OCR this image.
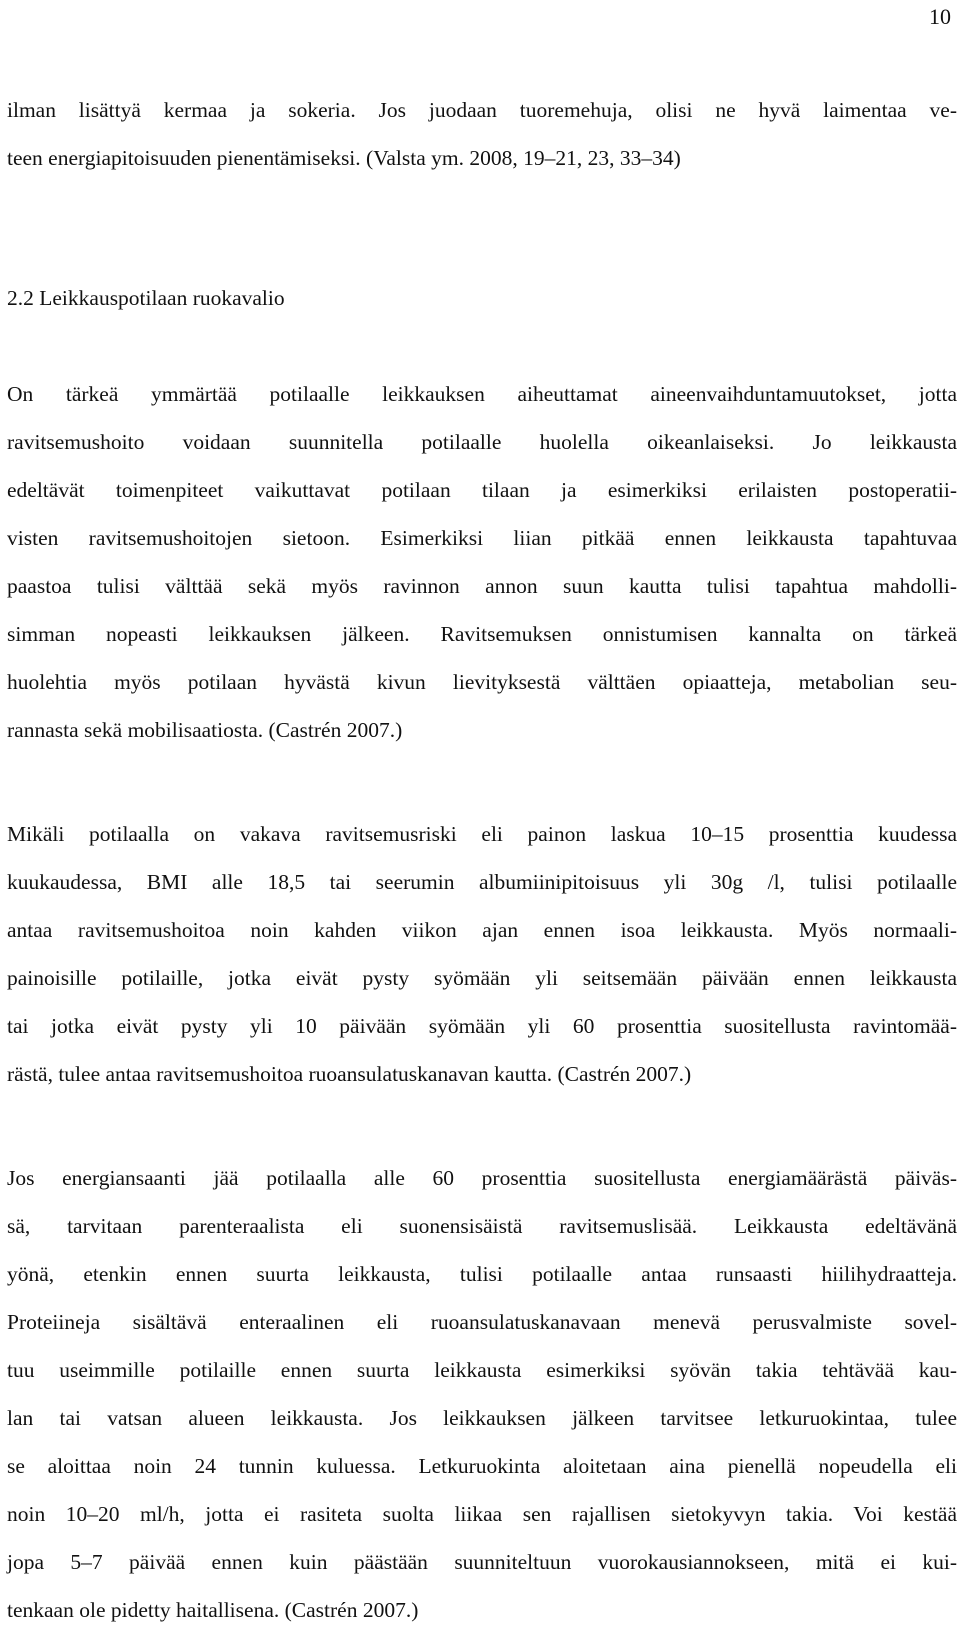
10

ilman lisättyä kermaa ja sokeria. Jos juodaan tuoremehuja, olisi ne hyvä laimentaa ve-
teen energiapitoisuuden pienentämiseksi. (Valsta ym. 2008, 19–21, 23, 33–34)

2.2 Leikkauspotilaan ruokavalio

On tärkeä ymmärtää potilaalle leikkauksen aiheuttamat aineenvaihduntamuutokset, jotta
ravitsemushoito voidaan suunnitella potilaalle huolella oikeanlaiseksi. Jo leikkausta
edeltävät toimenpiteet vaikuttavat potilaan tilaan ja esimerkiksi erilaisten postoperatii-
visten ravitsemushoitojen sietoon. Esimerkiksi liian pitkää ennen leikkausta tapahtuvaa
paastoa tulisi välttää sekä myös ravinnon annon suun kautta tulisi tapahtua mahdolli-
simman nopeasti leikkauksen jälkeen. Ravitsemuksen onnistumisen kannalta on tärkeä
huolehtia myös potilaan hyvästä kivun lievityksestä välttäen opiaatteja, metabolian seu-
rannasta sekä mobilisaatiosta. (Castrén 2007.)

Mikäli potilaalla on vakava ravitsemusriski eli painon laskua 10–15 prosenttia kuudessa
kuukaudessa, BMI alle 18,5 tai seerumin albumiinipitoisuus yli 30g /l, tulisi potilaalle
antaa ravitsemushoitoa noin kahden viikon ajan ennen isoa leikkausta. Myös normaali-
painoisille potilaille, jotka eivät pysty syömään yli seitsemään päivään ennen leikkausta
tai jotka eivät pysty yli 10 päivään syömään yli 60 prosenttia suositellusta ravintomää-
rästä, tulee antaa ravitsemushoitoa ruoansulatuskanavan kautta. (Castrén 2007.)

Jos energiansaanti jää potilaalla alle 60 prosenttia suositellusta energiamäärästä päiväs-
sä, tarvitaan parenteraalista eli suonensisäistä ravitsemuslisää. Leikkausta edeltävänä
yönä, etenkin ennen suurta leikkausta, tulisi potilaalle antaa runsaasti hiilihydraatteja.
Proteiineja sisältävä enteraalinen eli ruoansulatuskanavaan menevä perusvalmiste sovel-
tuu useimmille potilaille ennen suurta leikkausta esimerkiksi syövän takia tehtävää kau-
lan tai vatsan alueen leikkausta. Jos leikkauksen jälkeen tarvitsee letkuruokintaa, tulee
se aloittaa noin 24 tunnin kuluessa. Letkuruokinta aloitetaan aina pienellä nopeudella eli
noin 10–20 ml/h, jotta ei rasiteta suolta liikaa sen rajallisen sietokyvyn takia. Voi kestää
jopa 5–7 päivää ennen kuin päästään suunniteltuun vuorokausiannokseen, mitä ei kui-
tenkaan ole pidetty haitallisena. (Castrén 2007.)
